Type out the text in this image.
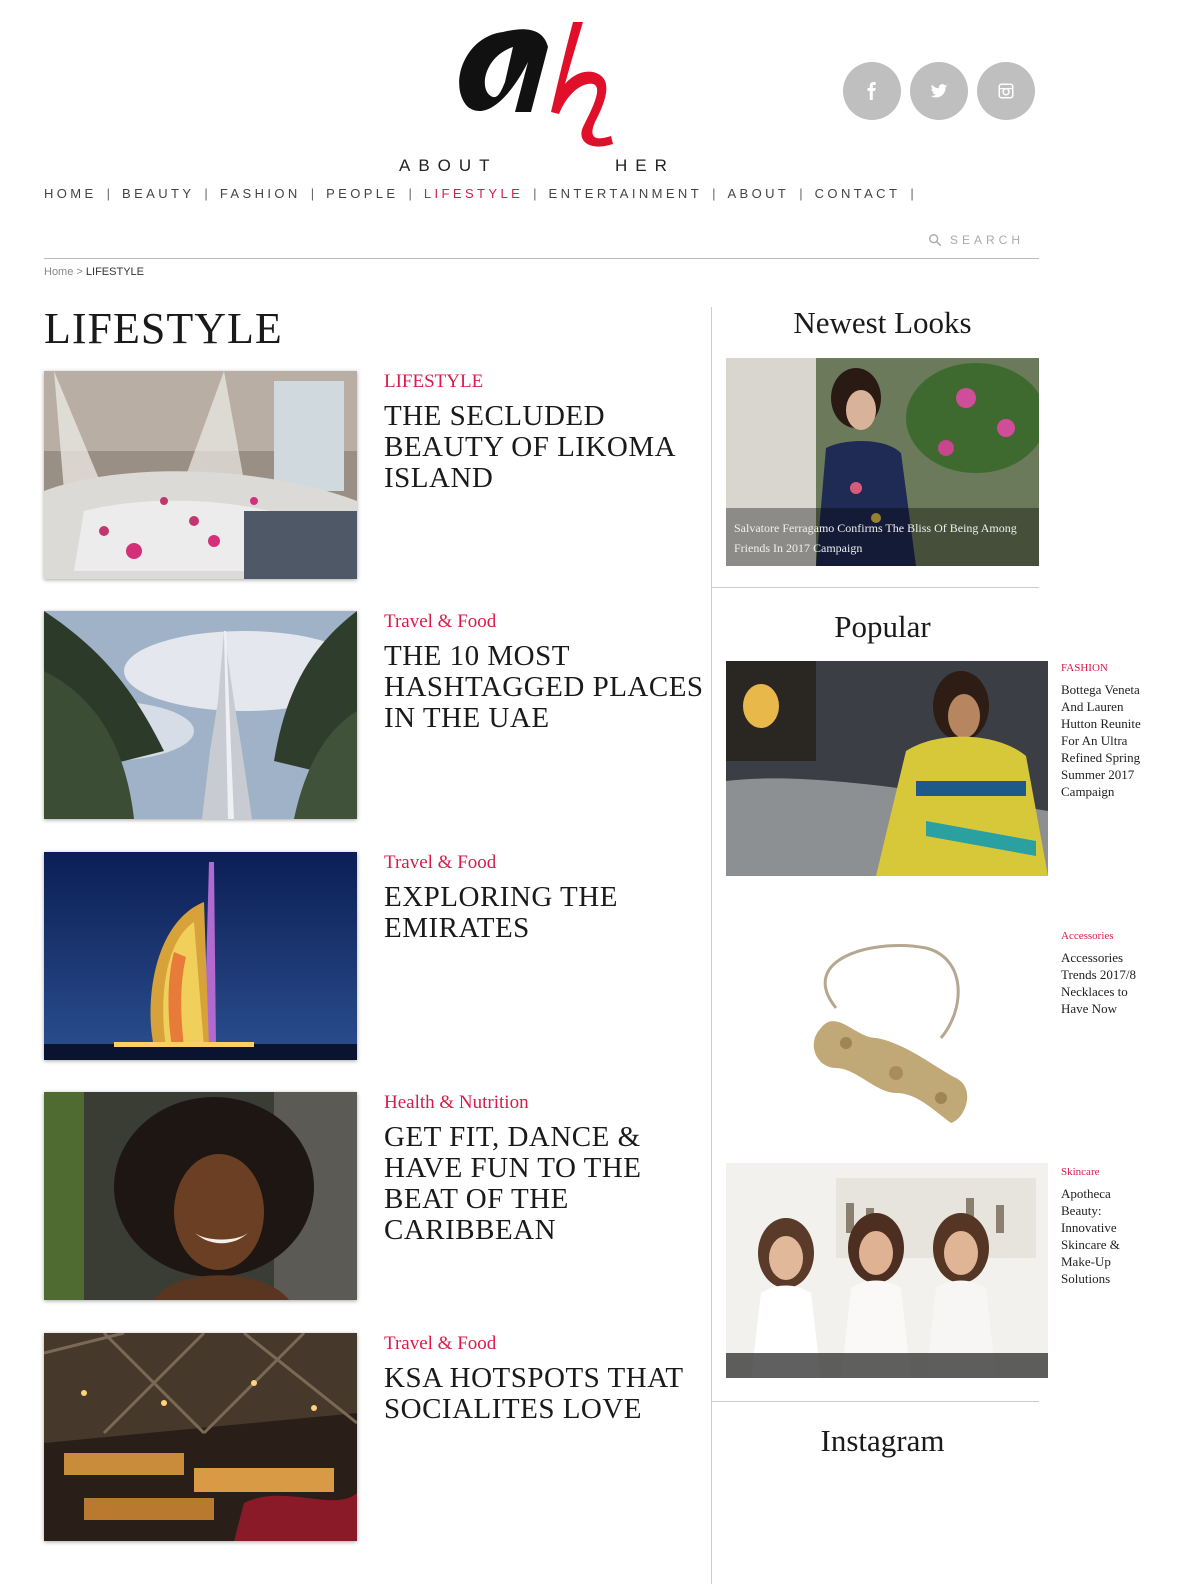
ABOUT	HER
HOME | BEAUTY | FASHION | PEOPLE | LIFESTYLE | ENTERTAINMENT | ABOUT | CONTACT |
SEARCH
Home > LIFESTYLE
LIFESTYLE
LIFESTYLE
THE SECLUDED BEAUTY OF LIKOMA ISLAND
Travel & Food
THE 10 MOST HASHTAGGED PLACES IN THE UAE
Travel & Food
EXPLORING THE EMIRATES
Health & Nutrition
GET FIT, DANCE & HAVE FUN TO THE BEAT OF THE CARIBBEAN
Travel & Food
KSA HOTSPOTS THAT SOCIALITES LOVE
Newest Looks
Salvatore Ferragamo Confirms The Bliss Of Being Among Friends In 2017 Campaign
Popular
FASHION
Bottega Veneta And Lauren Hutton Reunite For An Ultra Refined Spring Summer 2017 Campaign
Accessories
Accessories Trends 2017/8 Necklaces to Have Now
Skincare
Apotheca Beauty: Innovative Skincare & Make-Up Solutions
Instagram
